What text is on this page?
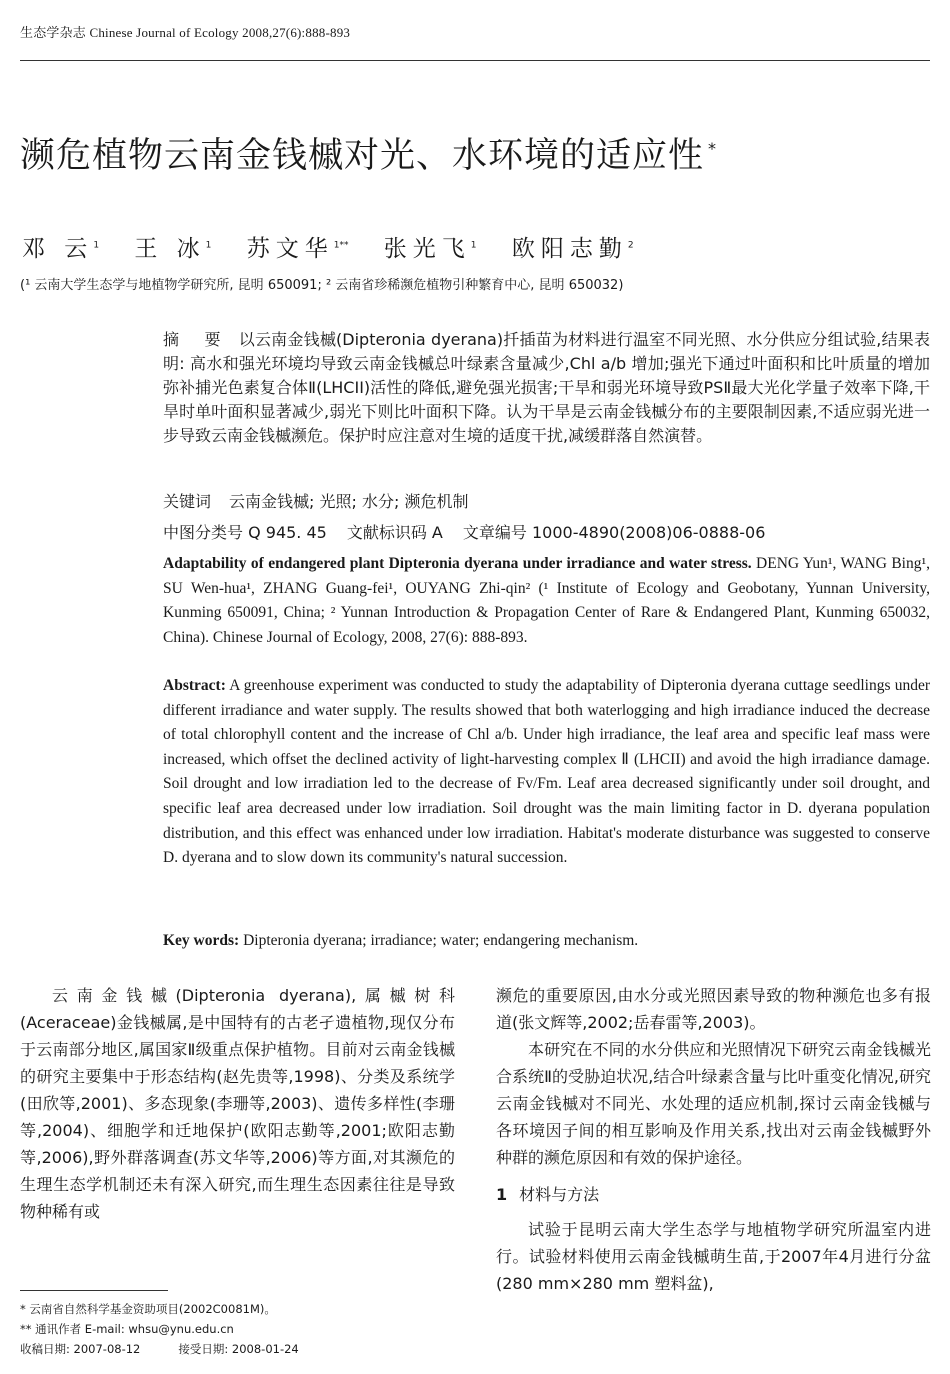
生态学杂志 Chinese Journal of Ecology 2008,27(6):888-893
濒危植物云南金钱槭对光、水环境的适应性 *
邓 云$^1$ 王 冰$^1$ 苏文华$^{1**}$ 张光飞$^1$ 欧阳志勤$^2$
(¹ 云南大学生态学与地植物学研究所, 昆明 650091; ² 云南省珍稀濒危植物引种繁育中心, 昆明 650032)
摘 要 以云南金钱槭(Dipteronia dyerana)扦插苗为材料进行温室不同光照、水分供应分组试验,结果表明: 高水和强光环境均导致云南金钱槭总叶绿素含量减少,Chl a/b 增加;强光下通过叶面积和比叶质量的增加弥补捕光色素复合体Ⅱ(LHCII)活性的降低,避免强光损害;干旱和弱光环境导致PSⅡ最大光化学量子效率下降,干旱时单叶面积显著减少,弱光下则比叶面积下降。认为干旱是云南金钱槭分布的主要限制因素,不适应弱光进一步导致云南金钱槭濒危。保护时应注意对生境的适度干扰,减缓群落自然演替。
关键词 云南金钱槭; 光照; 水分; 濒危机制
中图分类号 Q 945. 45 文献标识码 A 文章编号 1000-4890(2008)06-0888-06
Adaptability of endangered plant Dipteronia dyerana under irradiance and water stress. DENG Yun¹, WANG Bing¹, SU Wen-hua¹, ZHANG Guang-fei¹, OUYANG Zhi-qin² (¹ Institute of Ecology and Geobotany, Yunnan University, Kunming 650091, China; ² Yunnan Introduction & Propagation Center of Rare & Endangered Plant, Kunming 650032, China). Chinese Journal of Ecology, 2008, 27(6): 888-893.
Abstract: A greenhouse experiment was conducted to study the adaptability of Dipteronia dyerana cuttage seedlings under different irradiance and water supply. The results showed that both waterlogging and high irradiance induced the decrease of total chlorophyll content and the increase of Chl a/b. Under high irradiance, the leaf area and specific leaf mass were increased, which offset the declined activity of light-harvesting complex Ⅱ (LHCII) and avoid the high irradiance damage. Soil drought and low irradiation led to the decrease of Fv/Fm. Leaf area decreased significantly under soil drought, and specific leaf area decreased under low irradiation. Soil drought was the main limiting factor in D. dyerana population distribution, and this effect was enhanced under low irradiation. Habitat's moderate disturbance was suggested to conserve D. dyerana and to slow down its community's natural succession.
Key words: Dipteronia dyerana; irradiance; water; endangering mechanism.

云南金钱槭(Dipteronia dyerana),属槭树科(Aceraceae)金钱槭属,是中国特有的古老孑遗植物,现仅分布于云南部分地区,属国家Ⅱ级重点保护植物。目前对云南金钱槭的研究主要集中于形态结构(赵先贵等,1998)、分类及系统学(田欣等,2001)、多态现象(李珊等,2003)、遗传多样性(李珊等,2004)、细胞学和迁地保护(欧阳志勤等,2001;欧阳志勤等,2006),野外群落调查(苏文华等,2006)等方面,对其濒危的生理生态学机制还未有深入研究,而生理生态因素往往是导致物种稀有或

濒危的重要原因,由水分或光照因素导致的物种濒危也多有报道(张文辉等,2002;岳春雷等,2003)。

本研究在不同的水分供应和光照情况下研究云南金钱槭光合系统Ⅱ的受胁迫状况,结合叶绿素含量与比叶重变化情况,研究云南金钱槭对不同光、水处理的适应机制,探讨云南金钱槭与各环境因子间的相互影响及作用关系,找出对云南金钱槭野外种群的濒危原因和有效的保护途径。

1 材料与方法

试验于昆明云南大学生态学与地植物学研究所温室内进行。试验材料使用云南金钱槭萌生苗,于2007年4月进行分盆(280 mm×280 mm 塑料盆),

* 云南省自然科学基金资助项目(2002C0081M)。
** 通讯作者 E-mail: whsu@ynu.edu.cn
收稿日期: 2007-08-12	接受日期: 2008-01-24
